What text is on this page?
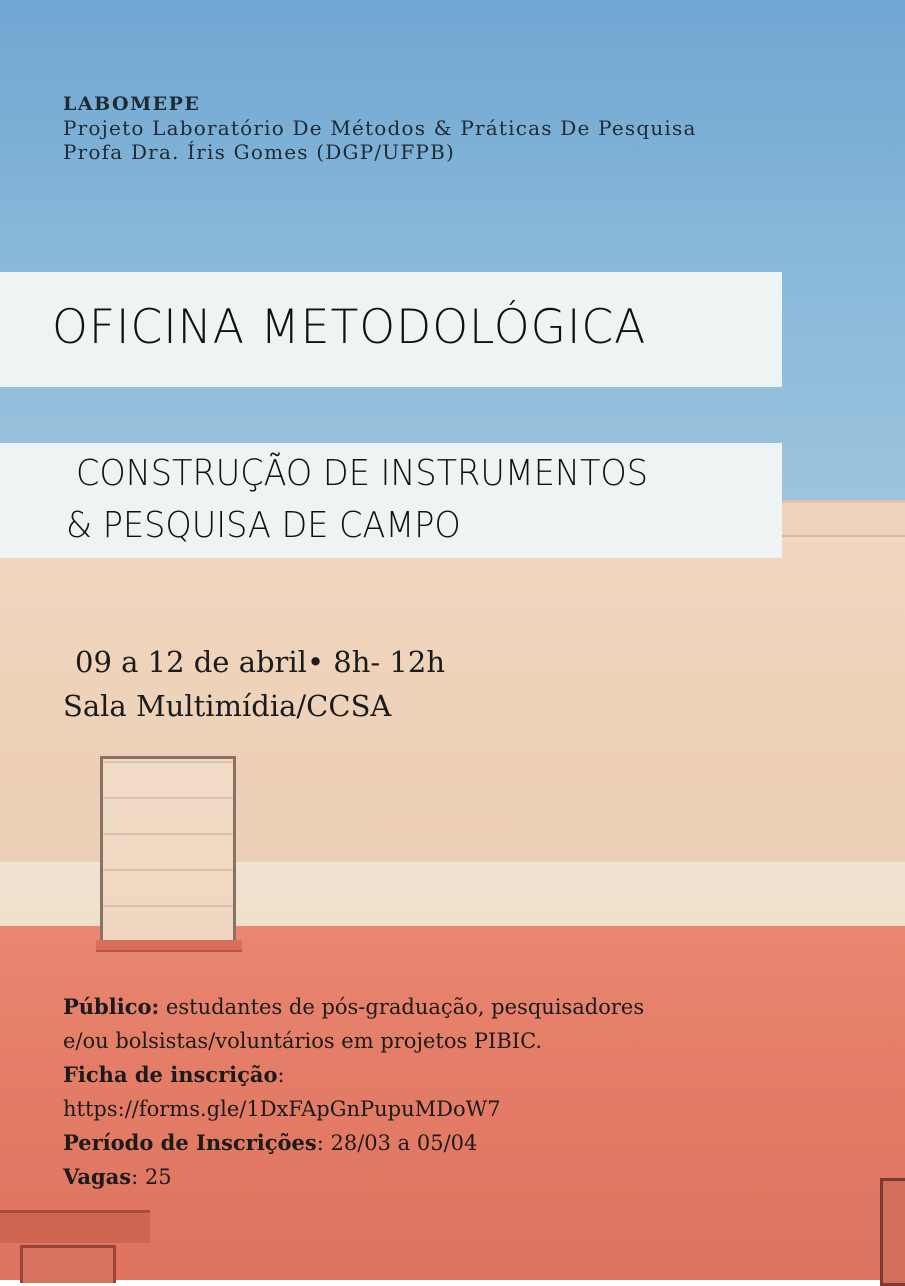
LABOMEPE
Projeto Laboratório De Métodos & Práticas De Pesquisa
Profa Dra. Íris Gomes (DGP/UFPB)
OFICINA METODOLÓGICA
CONSTRUÇÃO DE INSTRUMENTOS
& PESQUISA DE CAMPO
09 a 12 de abril• 8h- 12h
Sala Multimídia/CCSA
Público: estudantes de pós-graduação, pesquisadores
e/ou bolsistas/voluntários em projetos PIBIC.
Ficha de inscrição:
https://forms.gle/1DxFApGnPupuMDoW7
Período de Inscrições: 28/03 a 05/04
Vagas: 25
